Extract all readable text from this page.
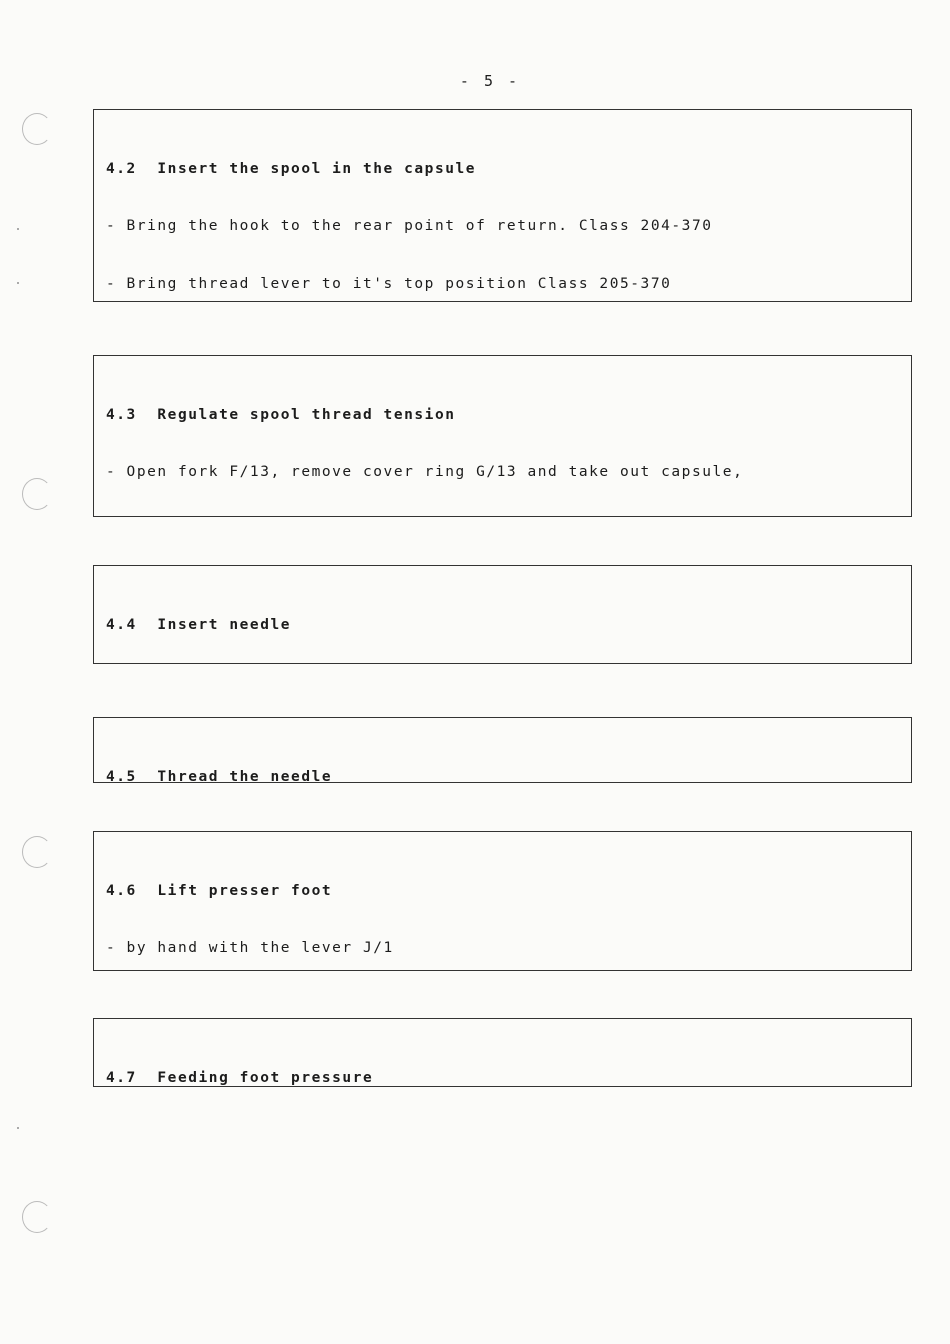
- 5 -

4.2  Insert the spool in the capsule

- Bring the hook to the rear point of return. Class 204-370

- Bring thread lever to it's top position Class 205-370

4.3  Regulate spool thread tension

- Open fork F/13, remove cover ring G/13 and take out capsule,

4.4  Insert needle

4.5  Thread the needle

4.6  Lift presser foot

- by hand with the lever J/1

4.7  Feeding foot pressure
